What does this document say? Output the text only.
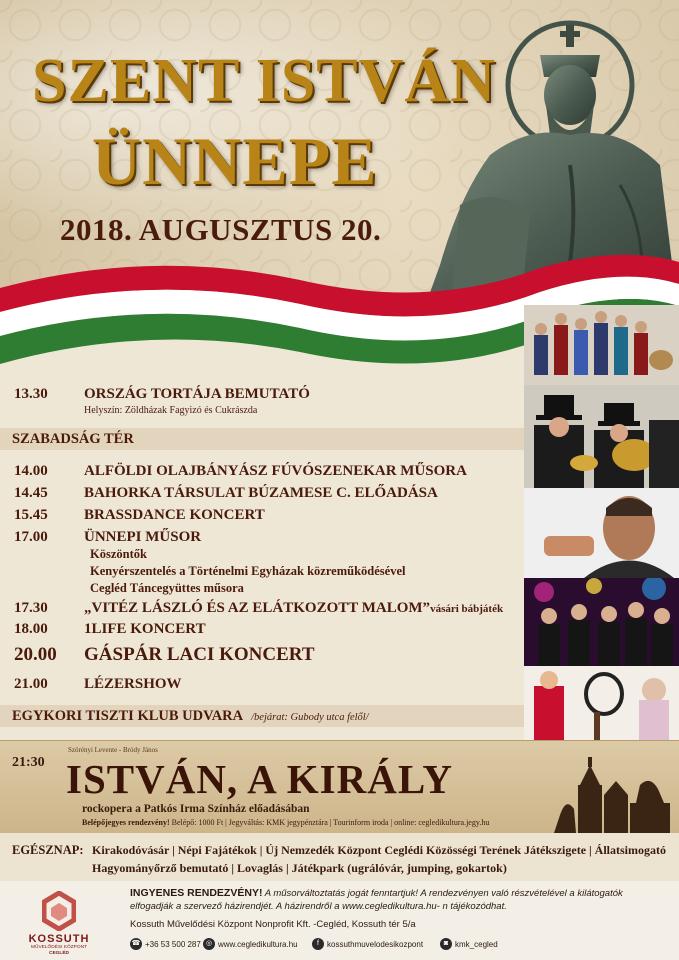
SZENT ISTVÁN
ÜNNEPE
2018. AUGUSZTUS 20.
13.30	ORSZÁG TORTÁJA BEMUTATÓ
Helyszín: Zöldházak Fagyizó és Cukrászda
SZABADSÁG TÉR
14.00	ALFÖLDI OLAJBÁNYÁSZ FÚVÓSZENEKAR MŰSORA
14.45	BAHORKA TÁRSULAT BÚZAMESE C. ELŐADÁSA
15.45	BRASSDANCE KONCERT
17.00	ÜNNEPI MŰSOR
Köszöntők
Kenyérszentelés a Történelmi Egyházak közreműködésével
Cegléd Táncegyüttes műsora
17.30	„VITÉZ LÁSZLÓ ÉS AZ ELÁTKOZOTT MALOM”vásári bábjáték
18.00	1LIFE KONCERT
20.00	GÁSPÁR LACI KONCERT
21.00	LÉZERSHOW
EGYKORI TISZTI KLUB UDVARA /bejárat: Gubody utca felől/
21:30
Szörényi Levente - Bródy János
ISTVÁN, A KIRÁLY
rockopera a Patkós Irma Színház előadásában
Belépőjegyes rendezvény! Belépő: 1000 Ft | Jegyváltás: KMK jegypénztára | Tourinform iroda | online: cegledikultura.jegy.hu
EGÉSZNAP: Kirakodóvásár | Népi Fajátékok | Új Nemzedék Központ Ceglédi Közösségi Terének Játékszigete | Állatsimogató
Hagyományőrző bemutató | Lovaglás | Játékpark (ugrálóvár, jumping, gokartok)
KOSSUTH
MŰVELŐDÉSI KÖZPONT
CEGLÉD
INGYENES RENDEZVÉNY! A műsorváltoztatás jogát fenntartjuk! A rendezvényen való részvételével a kilátogatók
elfogadják a szervező házirendjét. A házirendről a www.cegledikultura.hu- n tájékozódhat.
Kossuth Művelődési Központ Nonprofit Kft. -Cegléd, Kossuth tér 5/a
☎ +36 53 500 287 ◎ www.cegledikultura.hu	f	kossuthmuvelodesikozpont	◙ kmk_cegled
